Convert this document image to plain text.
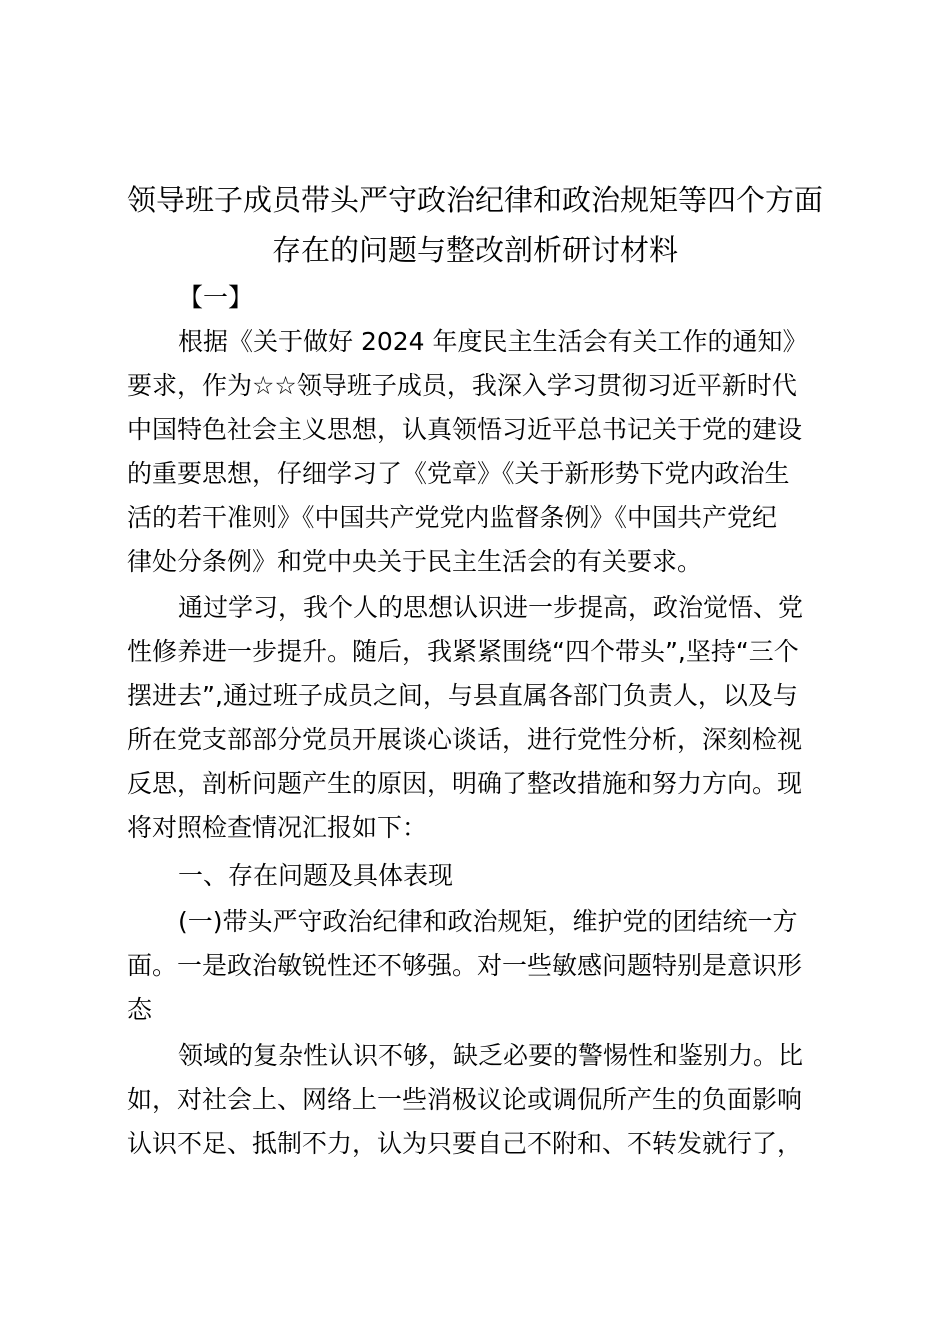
领导班子成员带头严守政治纪律和政治规矩等四个方面
存在的问题与整改剖析研讨材料
【一】
根据《关于做好 2024 年度民主生活会有关工作的通知》
要求，作为☆☆领导班子成员，我深入学习贯彻习近平新时代
中国特色社会主义思想，认真领悟习近平总书记关于党的建设
的重要思想，仔细学习了《党章》《关于新形势下党内政治生
活的若干准则》《中国共产党党内监督条例》《中国共产党纪
律处分条例》和党中央关于民主生活会的有关要求。
通过学习，我个人的思想认识进一步提高，政治觉悟、党
性修养进一步提升。随后，我紧紧围绕“四个带头”,坚持“三个
摆进去”,通过班子成员之间，与县直属各部门负责人，以及与
所在党支部部分党员开展谈心谈话，进行党性分析，深刻检视
反思，剖析问题产生的原因，明确了整改措施和努力方向。现
将对照检查情况汇报如下：
一、存在问题及具体表现
(一)带头严守政治纪律和政治规矩，维护党的团结统一方
面。一是政治敏锐性还不够强。对一些敏感问题特别是意识形
态
领域的复杂性认识不够，缺乏必要的警惕性和鉴别力。比
如，对社会上、网络上一些消极议论或调侃所产生的负面影响
认识不足、抵制不力，认为只要自己不附和、不转发就行了，
